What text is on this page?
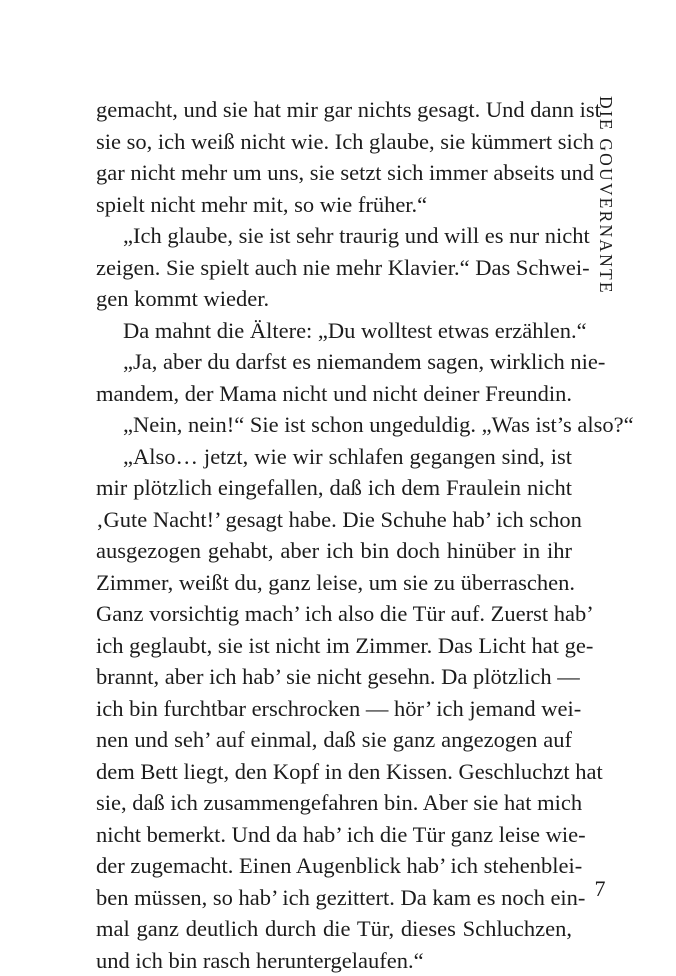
gemacht, und sie hat mir gar nichts gesagt. Und dann ist
sie so, ich weiß nicht wie. Ich glaube, sie kümmert sich
gar nicht mehr um uns, sie setzt sich immer abseits und
spielt nicht mehr mit, so wie früher.“
„Ich glaube, sie ist sehr traurig und will es nur nicht
zeigen. Sie spielt auch nie mehr Klavier.“ Das Schwei-
gen kommt wieder.
Da mahnt die Ältere: „Du wolltest etwas erzählen.“
„Ja, aber du darfst es niemandem sagen, wirklich nie-
mandem, der Mama nicht und nicht deiner Freundin.
„Nein, nein!“ Sie ist schon ungeduldig. „Was ist’s also?“
„Also… jetzt, wie wir schlafen gegangen sind, ist
mir plötzlich eingefallen, daß ich dem Fraulein nicht
‚Gute Nacht!’ gesagt habe. Die Schuhe hab’ ich schon
ausgezogen gehabt, aber ich bin doch hinüber in ihr
Zimmer, weißt du, ganz leise, um sie zu überraschen.
Ganz vorsichtig mach’ ich also die Tür auf. Zuerst hab’
ich geglaubt, sie ist nicht im Zimmer. Das Licht hat ge-
brannt, aber ich hab’ sie nicht gesehn. Da plötzlich —
ich bin furchtbar erschrocken — hör’ ich jemand wei-
nen und seh’ auf einmal, daß sie ganz angezogen auf
dem Bett liegt, den Kopf in den Kissen. Geschluchzt hat
sie, daß ich zusammengefahren bin. Aber sie hat mich
nicht bemerkt. Und da hab’ ich die Tür ganz leise wie-
der zugemacht. Einen Augenblick hab’ ich stehenblei-
ben müssen, so hab’ ich gezittert. Da kam es noch ein-
mal ganz deutlich durch die Tür, dieses Schluchzen,
und ich bin rasch heruntergelaufen.“
DIE GOUVERNANTE
7
